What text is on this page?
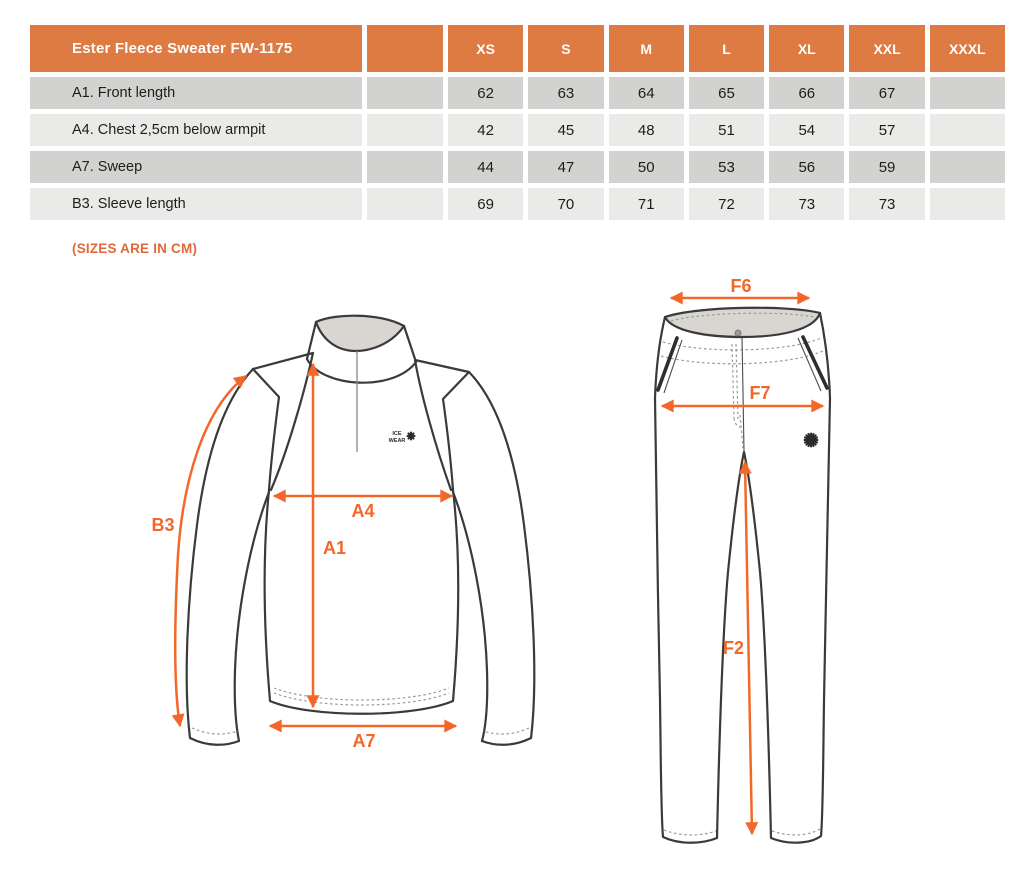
Ester Fleece Sweater FW-1175	XS	S	M	L	XL	XXL	XXXL
A1. Front length	62	63	64	65	66	67
A4. Chest 2,5cm below armpit	42	45	48	51	54	57
A7. Sweep	44	47	50	53	56	59
B3. Sleeve length	69	70	71	72	73	73
(SIZES ARE IN CM)
ICE
WEAR
B3
A4
A1
A7
F6
F7
F2
